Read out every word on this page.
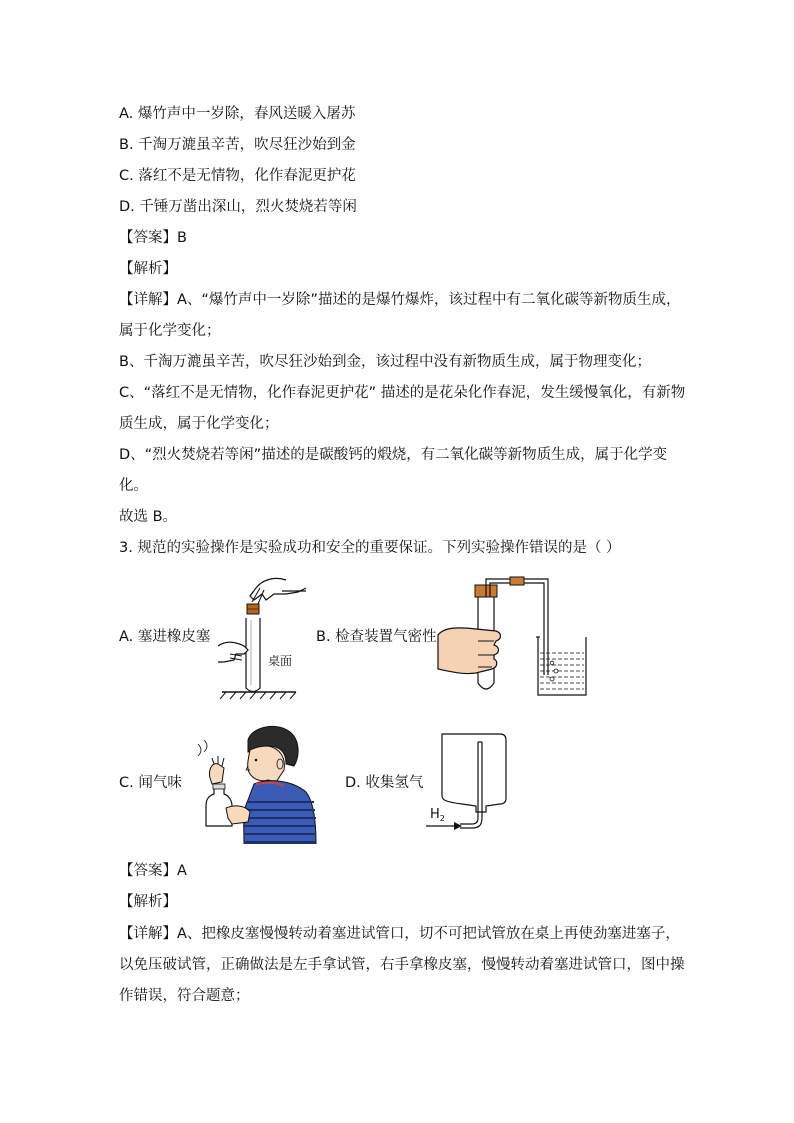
A. 爆竹声中一岁除，春风送暖入屠苏
B. 千淘万漉虽辛苦，吹尽狂沙始到金
C. 落红不是无情物，化作春泥更护花
D. 千锤万凿出深山，烈火焚烧若等闲
【答案】B
【解析】
【详解】A、“爆竹声中一岁除”描述的是爆竹爆炸，该过程中有二氧化碳等新物质生成，
属于化学变化；
B、千淘万漉虽辛苦，吹尽狂沙始到金，该过程中没有新物质生成，属于物理变化；
C、“落红不是无情物，化作春泥更护花” 描述的是花朵化作春泥，发生缓慢氧化，有新物
质生成，属于化学变化；
D、“烈火焚烧若等闲”描述的是碳酸钙的煅烧，有二氧化碳等新物质生成，属于化学变
化。
故选 B。
3. 规范的实验操作是实验成功和安全的重要保证。下列实验操作错误的是（ ）
A. 塞进橡皮塞	B. 检查装置气密性
C. 闻气味	D. 收集氢气
桌面
$H_2$
【答案】A
【解析】
【详解】A、把橡皮塞慢慢转动着塞进试管口，切不可把试管放在桌上再使劲塞进塞子，
以免压破试管，正确做法是左手拿试管，右手拿橡皮塞，慢慢转动着塞进试管口，图中操
作错误，符合题意；
